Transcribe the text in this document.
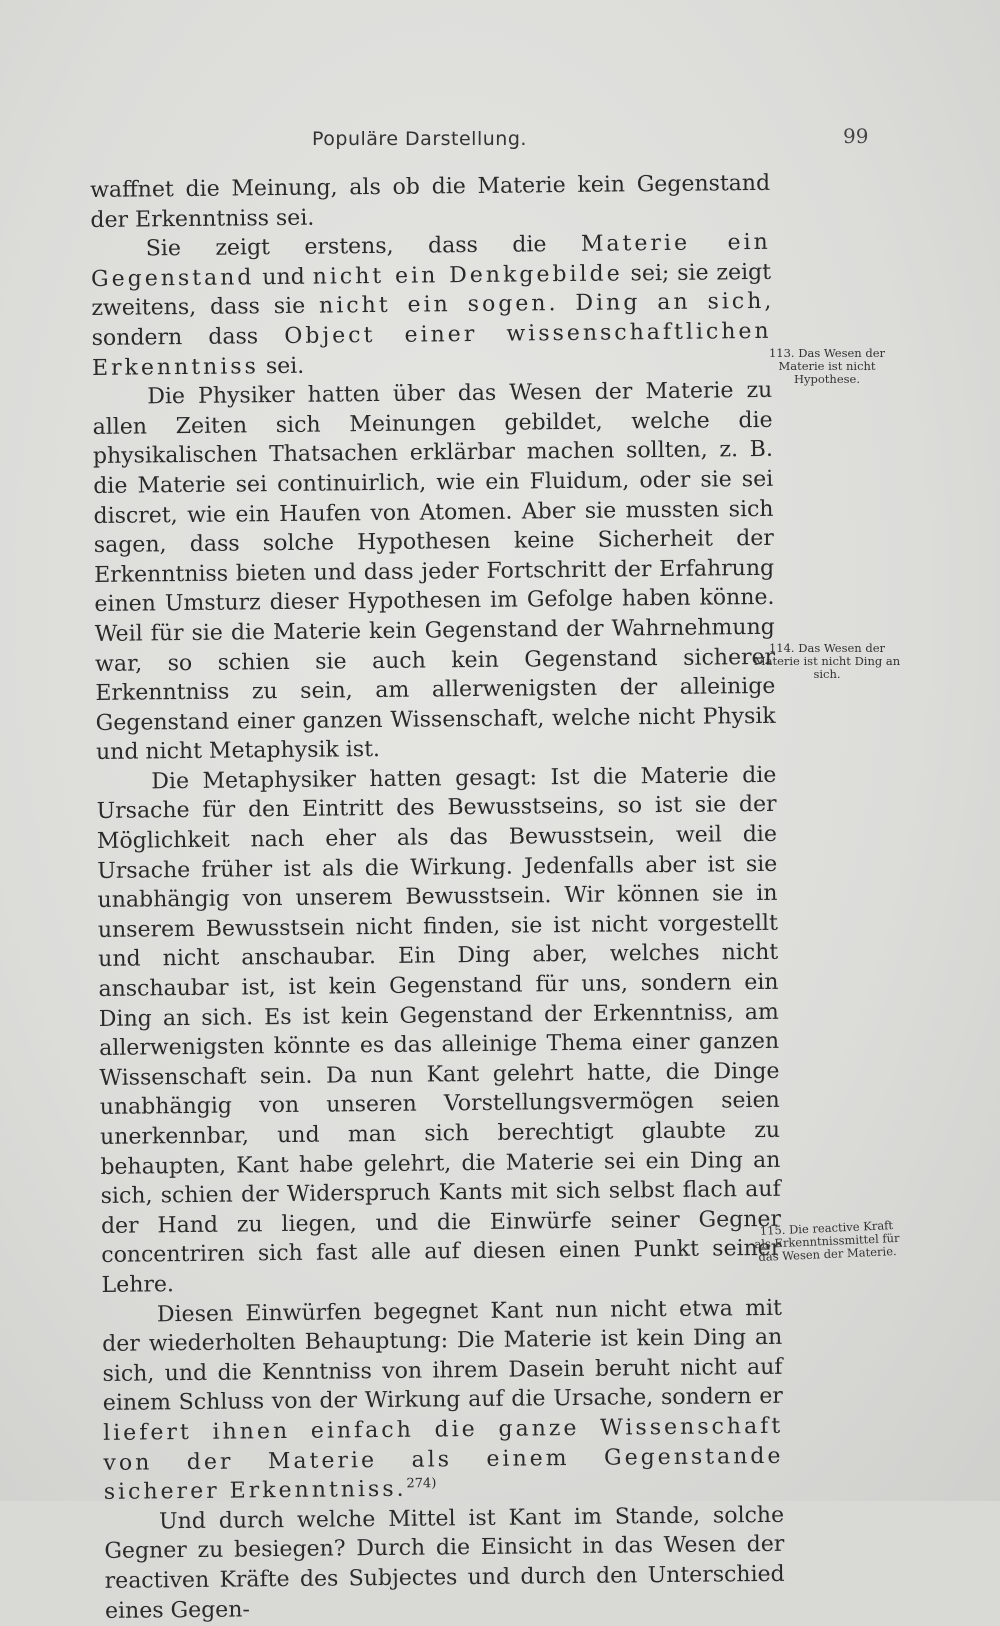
Populäre Darstellung.	99

waffnet die Meinung, als ob die Materie kein Gegenstand der Erkenntniss sei.

Sie zeigt erstens, dass die Materie ein Gegenstand und nicht ein Denkgebilde sei; sie zeigt zweitens, dass sie nicht ein sogen. Ding an sich, sondern dass Object einer wissenschaftlichen Erkenntniss sei.

Die Physiker hatten über das Wesen der Materie zu allen Zeiten sich Meinungen gebildet, welche die physikalischen Thatsachen erklärbar machen sollten, z. B. die Materie sei continuirlich, wie ein Fluidum, oder sie sei discret, wie ein Haufen von Atomen. Aber sie mussten sich sagen, dass solche Hypothesen keine Sicherheit der Erkenntniss bieten und dass jeder Fortschritt der Erfahrung einen Umsturz dieser Hypothesen im Gefolge haben könne. Weil für sie die Materie kein Gegenstand der Wahrnehmung war, so schien sie auch kein Gegenstand sicherer Erkenntniss zu sein, am allerwenigsten der alleinige Gegenstand einer ganzen Wissenschaft, welche nicht Physik und nicht Metaphysik ist.

Die Metaphysiker hatten gesagt: Ist die Materie die Ursache für den Eintritt des Bewusstseins, so ist sie der Möglichkeit nach eher als das Bewusstsein, weil die Ursache früher ist als die Wirkung. Jedenfalls aber ist sie unabhängig von unserem Bewusstsein. Wir können sie in unserem Bewusstsein nicht finden, sie ist nicht vorgestellt und nicht anschaubar. Ein Ding aber, welches nicht anschaubar ist, ist kein Gegenstand für uns, sondern ein Ding an sich. Es ist kein Gegenstand der Erkenntniss, am allerwenigsten könnte es das alleinige Thema einer ganzen Wissenschaft sein. Da nun Kant gelehrt hatte, die Dinge unabhängig von unseren Vorstellungsvermögen seien unerkennbar, und man sich berechtigt glaubte zu behaupten, Kant habe gelehrt, die Materie sei ein Ding an sich, schien der Widerspruch Kants mit sich selbst flach auf der Hand zu liegen, und die Einwürfe seiner Gegner concentriren sich fast alle auf diesen einen Punkt seiner Lehre.

Diesen Einwürfen begegnet Kant nun nicht etwa mit der wiederholten Behauptung: Die Materie ist kein Ding an sich, und die Kenntniss von ihrem Dasein beruht nicht auf einem Schluss von der Wirkung auf die Ursache, sondern er liefert ihnen einfach die ganze Wissenschaft von der Materie als einem Gegenstande sicherer Erkenntniss.$^{274)}$

Und durch welche Mittel ist Kant im Stande, solche Gegner zu besiegen? Durch die Einsicht in das Wesen der reactiven Kräfte des Subjectes und durch den Unterschied eines Gegen-

113. Das Wesen der Materie ist nicht Hypothese.
114. Das Wesen der Materie ist nicht Ding an sich.
115. Die reactive Kraft als Erkenntnissmittel für das Wesen der Materie.
